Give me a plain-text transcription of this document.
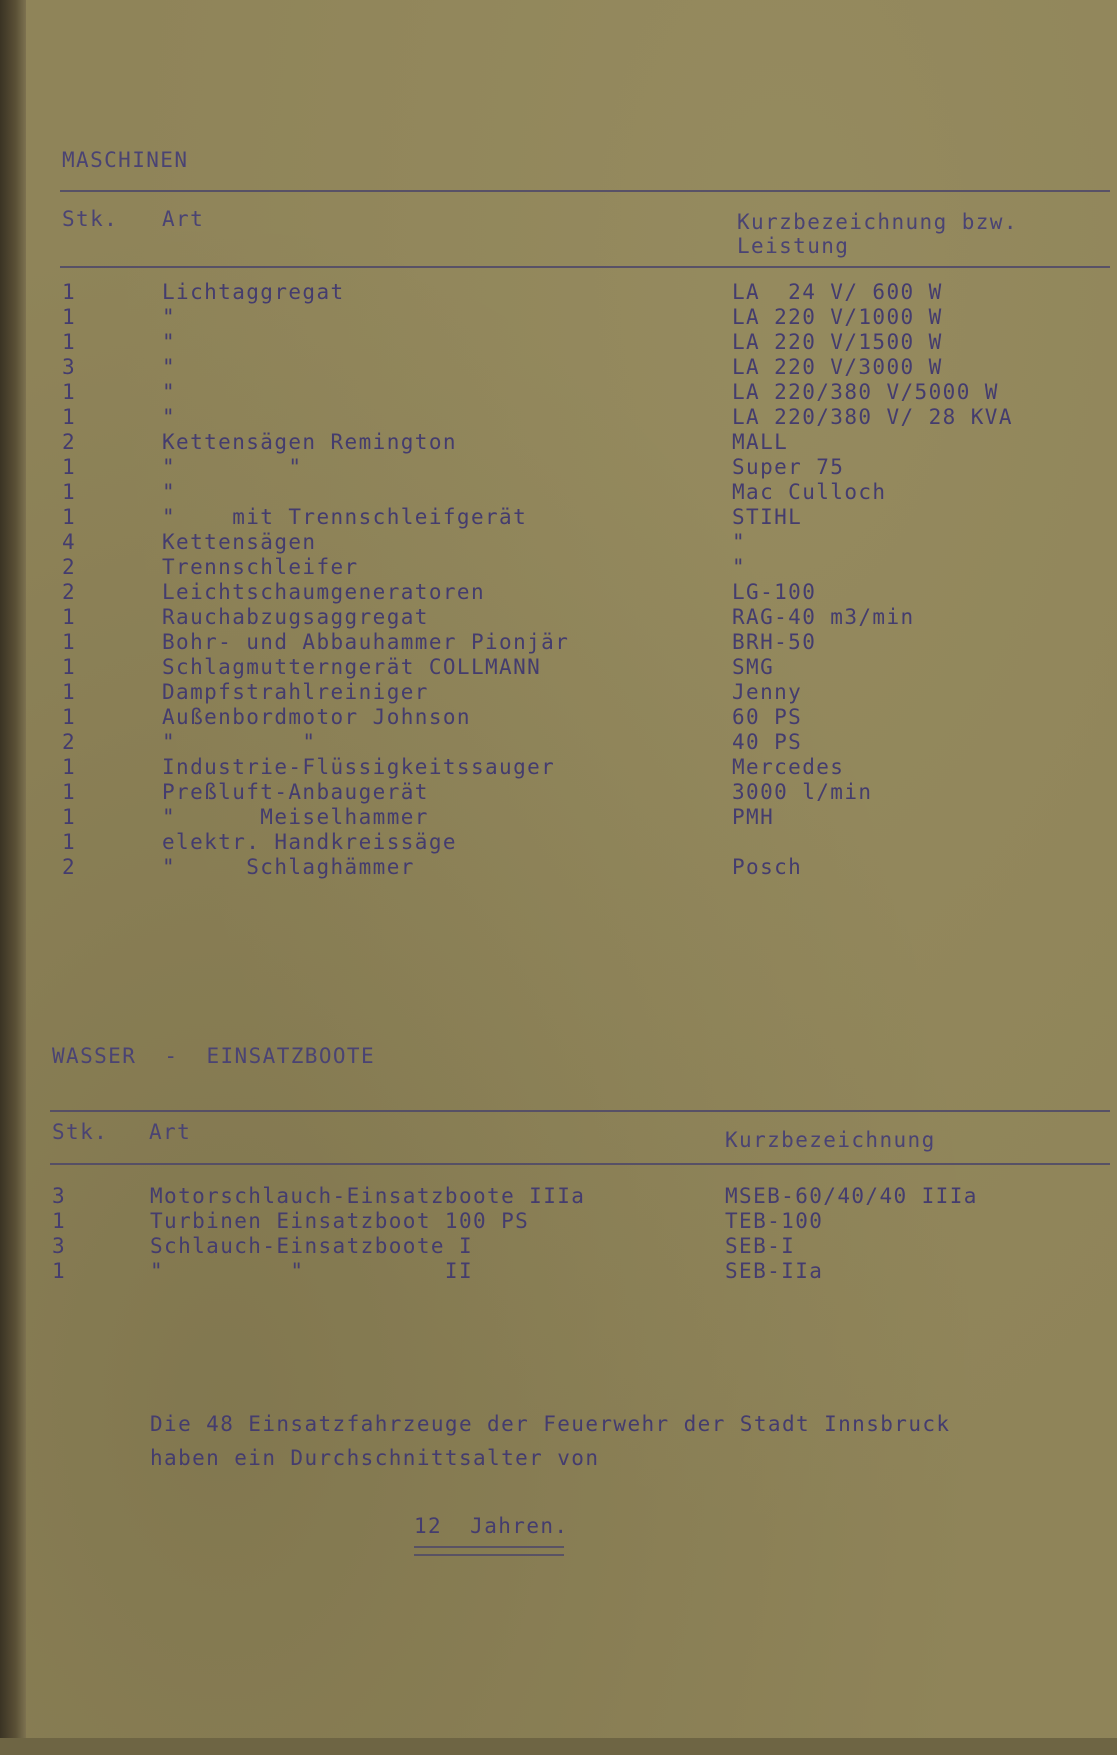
MASCHINEN
Stk. Art	Kurzbezeichnung bzw.
Leistung
1	Lichtaggregat	LA  24 V/ 600 W
1	"	LA 220 V/1000 W
1	"	LA 220 V/1500 W
3	"	LA 220 V/3000 W
1	"	LA 220/380 V/5000 W
1	"	LA 220/380 V/ 28 KVA
2	Kettensägen Remington	MALL
1	"        "	Super 75
1	"	Mac Culloch
1	"    mit Trennschleifgerät	STIHL
4	Kettensägen	"
2	Trennschleifer	"
2	Leichtschaumgeneratoren	LG-100
1	Rauchabzugsaggregat	RAG-40 m3/min
1	Bohr- und Abbauhammer Pionjär	BRH-50
1	Schlagmutterngerät COLLMANN	SMG
1	Dampfstrahlreiniger	Jenny
1	Außenbordmotor Johnson	60 PS
2	"         "	40 PS
1	Industrie-Flüssigkeitssauger	Mercedes
1	Preßluft-Anbaugerät	3000 l/min
1	"      Meiselhammer	PMH
1	elektr. Handkreissäge
2	"     Schlaghämmer	Posch
WASSER  -  EINSATZBOOTE
Stk. Art	Kurzbezeichnung
3	Motorschlauch-Einsatzboote IIIa	MSEB-60/40/40 IIIa
1	Turbinen Einsatzboot 100 PS	TEB-100
3	Schlauch-Einsatzboote I	SEB-I
1	"         "          II	SEB-IIa
Die 48 Einsatzfahrzeuge der Feuerwehr der Stadt Innsbruck
haben ein Durchschnittsalter von
12  Jahren.
